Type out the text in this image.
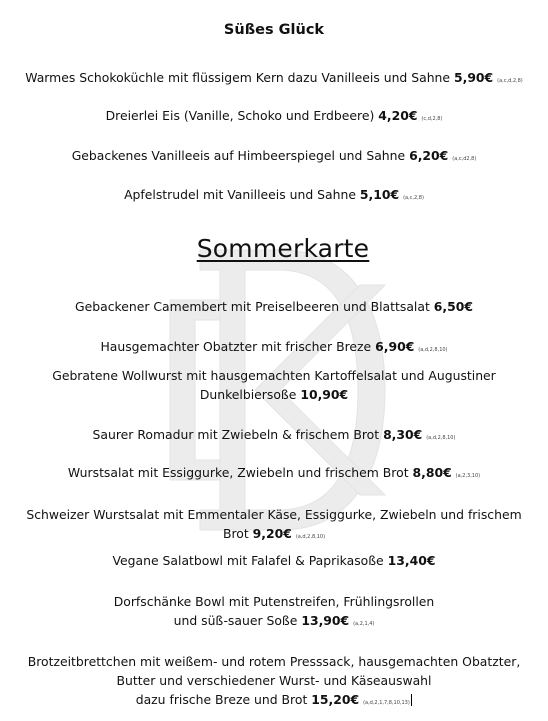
Süßes Glück
Warmes Schokoküchle mit flüssigem Kern dazu Vanilleeis und Sahne 5,90€ (a,c,d,2,8)
Dreierlei Eis (Vanille, Schoko und Erdbeere) 4,20€ (c,d,2,8)
Gebackenes Vanilleeis auf Himbeerspiegel und Sahne 6,20€ (a,c,d2,8)
Apfelstrudel mit Vanilleeis und Sahne 5,10€ (a,c,2,8)
Sommerkarte
Gebackener Camembert mit Preiselbeeren und Blattsalat 6,50€
Hausgemachter Obatzter mit frischer Breze 6,90€ (a,d,2,8,10)
Gebratene Wollwurst mit hausgemachten Kartoffelsalat und Augustiner
Dunkelbiersoße 10,90€
Saurer Romadur mit Zwiebeln & frischem Brot 8,30€ (a,d,2,8,10)
Wurstsalat mit Essiggurke, Zwiebeln und frischem Brot 8,80€ (a,2,3,10)
Schweizer Wurstsalat mit Emmentaler Käse, Essiggurke, Zwiebeln und frischem
Brot 9,20€ (a,d,2,8,10)
Vegane Salatbowl mit Falafel & Paprikasoße 13,40€
Dorfschänke Bowl mit Putenstreifen, Frühlingsrollen
und süß-sauer Soße 13,90€ (a,2,1,4)
Brotzeitbrettchen mit weißem- und rotem Presssack, hausgemachten Obatzter,
Butter und verschiedener Wurst- und Käseauswahl
dazu frische Breze und Brot 15,20€ (a,d,2,1,7,8,10,13)
